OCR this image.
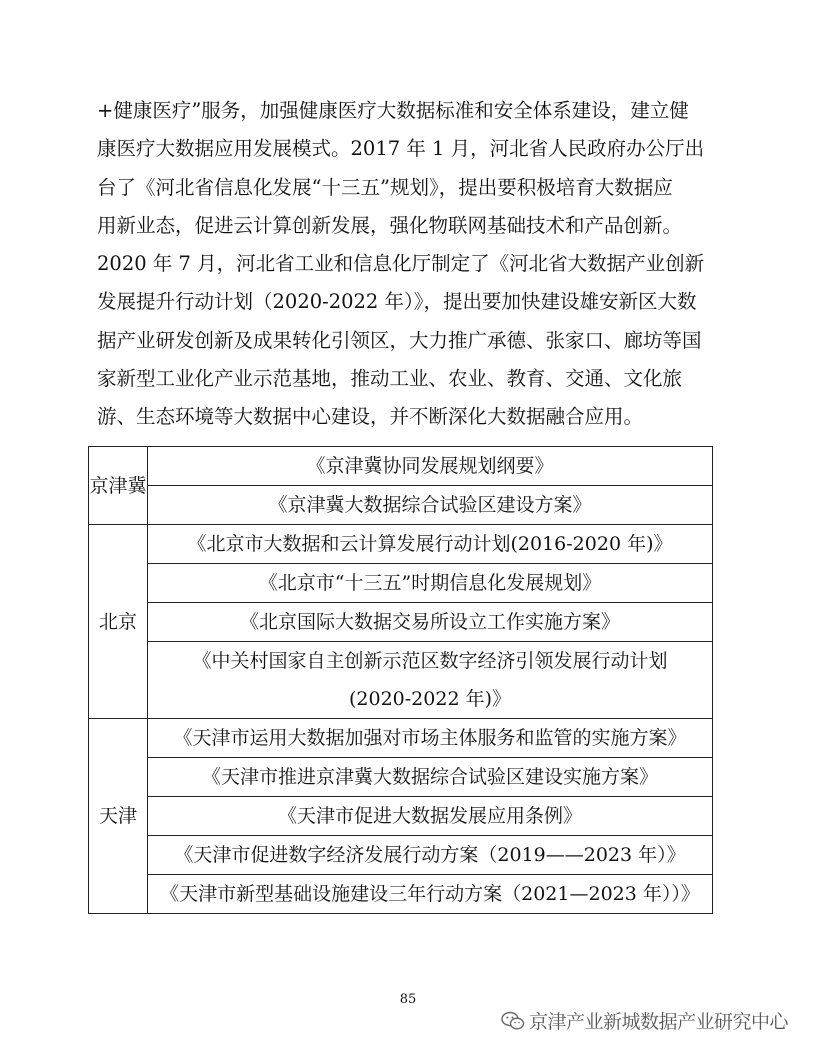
+健康医疗”服务，加强健康医疗大数据标准和安全体系建设，建立健
康医疗大数据应用发展模式。2017 年 1 月，河北省人民政府办公厅出
台了《河北省信息化发展“十三五”规划》，提出要积极培育大数据应
用新业态，促进云计算创新发展，强化物联网基础技术和产品创新。
2020 年 7 月，河北省工业和信息化厅制定了《河北省大数据产业创新
发展提升行动计划（2020-2022 年）》，提出要加快建设雄安新区大数
据产业研发创新及成果转化引领区，大力推广承德、张家口、廊坊等国
家新型工业化产业示范基地，推动工业、农业、教育、交通、文化旅
游、生态环境等大数据中心建设，并不断深化大数据融合应用。
京津冀	《京津冀协同发展规划纲要》
	《京津冀大数据综合试验区建设方案》
北京	《北京市大数据和云计算发展行动计划(2016-2020 年)》
	《北京市“十三五”时期信息化发展规划》
	《北京国际大数据交易所设立工作实施方案》

	《中关村国家自主创新示范区数字经济引领发展行动计划
(2020-2022 年)》

天津	《天津市运用大数据加强对市场主体服务和监管的实施方案》
	《天津市推进京津冀大数据综合试验区建设实施方案》
	《天津市促进大数据发展应用条例》
	《天津市促进数字经济发展行动方案（2019——2023 年）》
	《天津市新型基础设施建设三年行动方案（2021—2023 年））》
85
京津产业新城数据产业研究中心
